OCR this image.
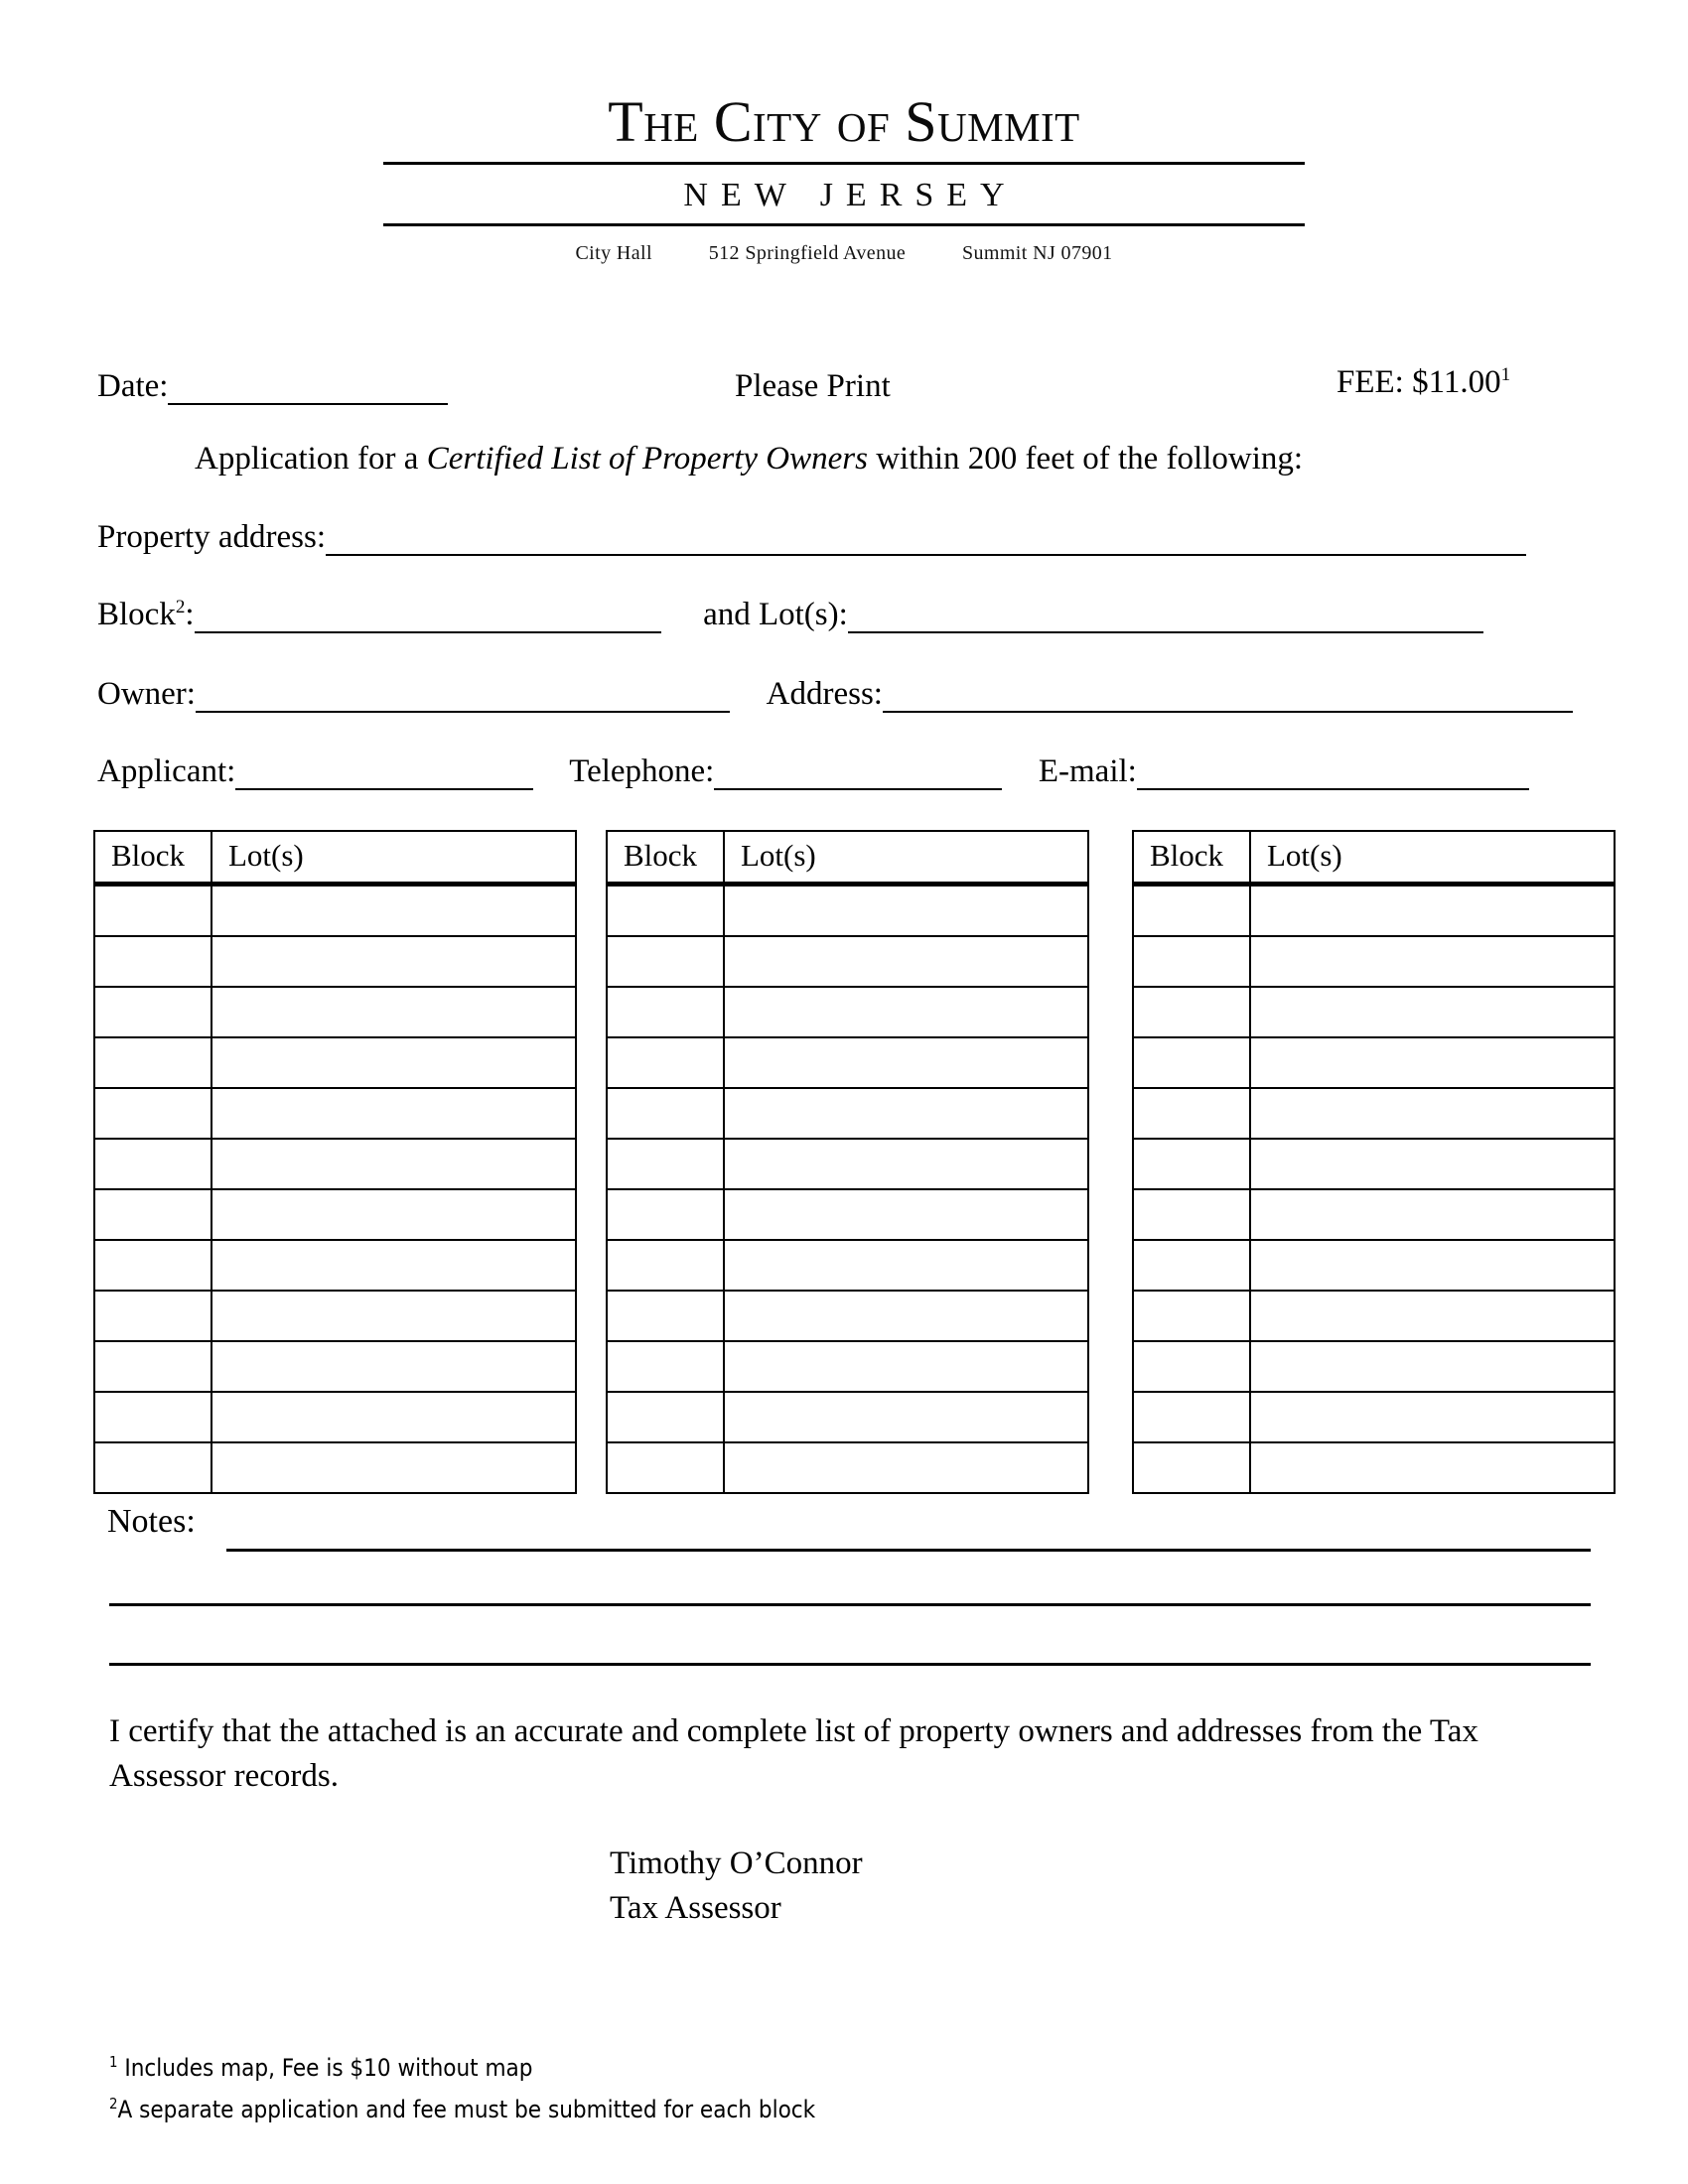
The City of Summit
NEW JERSEY
City Hall	512 Springfield Avenue	Summit NJ 07901
Date:	Please Print	FEE: $11.00$^1$
Application for a Certified List of Property Owners within 200 feet of the following:
Property address:
Block$^2$:	and Lot(s):
Owner:	Address:
Applicant:	Telephone:	E-mail:
Block	Lot(s)

		Block	Lot(s)

		Block	Lot(s)

Notes:
I certify that the attached is an accurate and complete list of property owners and addresses from the Tax Assessor records.
Timothy O’Connor
Tax Assessor
$^1$ Includes map, Fee is $10 without map
$^2$A separate application and fee must be submitted for each block
